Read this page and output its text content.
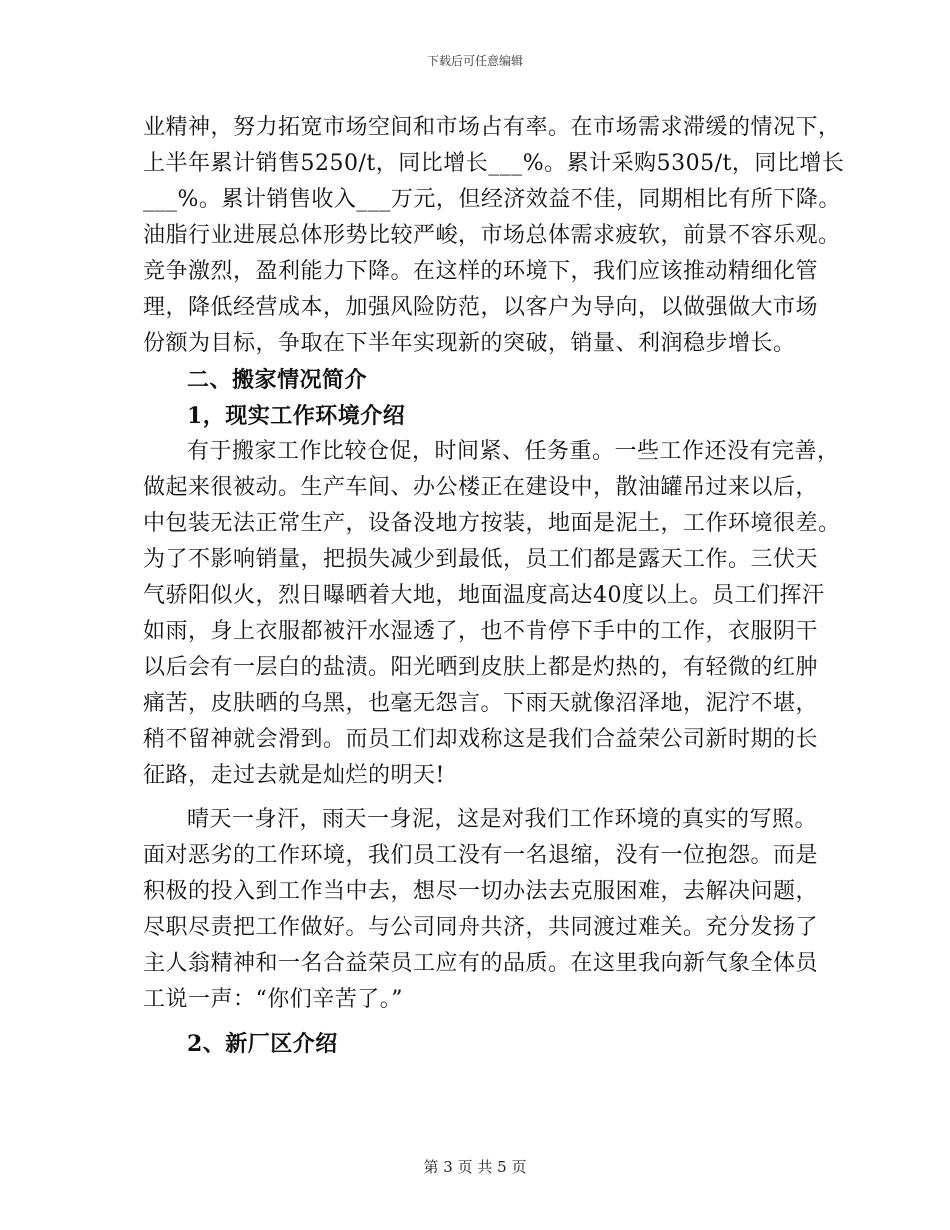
下载后可任意编辑
业精神，努力拓宽市场空间和市场占有率。在市场需求滞缓的情况下，
上半年累计销售5250/t，同比增长___%。累计采购5305/t，同比增长
___%。累计销售收入___万元，但经济效益不佳，同期相比有所下降。
油脂行业进展总体形势比较严峻，市场总体需求疲软，前景不容乐观。
竞争激烈，盈利能力下降。在这样的环境下，我们应该推动精细化管
理，降低经营成本，加强风险防范，以客户为导向，以做强做大市场
份额为目标，争取在下半年实现新的突破，销量、利润稳步增长。
二、搬家情况简介
1，现实工作环境介绍
有于搬家工作比较仓促，时间紧、任务重。一些工作还没有完善，
做起来很被动。生产车间、办公楼正在建设中，散油罐吊过来以后，
中包装无法正常生产，设备没地方按装，地面是泥土，工作环境很差。
为了不影响销量，把损失减少到最低，员工们都是露天工作。三伏天
气骄阳似火，烈日曝晒着大地，地面温度高达40度以上。员工们挥汗
如雨，身上衣服都被汗水湿透了，也不肯停下手中的工作，衣服阴干
以后会有一层白的盐渍。阳光晒到皮肤上都是灼热的，有轻微的红肿
痛苦，皮肤晒的乌黑，也毫无怨言。下雨天就像沼泽地，泥泞不堪，
稍不留神就会滑到。而员工们却戏称这是我们合益荣公司新时期的长
征路，走过去就是灿烂的明天!
晴天一身汗，雨天一身泥，这是对我们工作环境的真实的写照。
面对恶劣的工作环境，我们员工没有一名退缩，没有一位抱怨。而是
积极的投入到工作当中去，想尽一切办法去克服困难，去解决问题，
尽职尽责把工作做好。与公司同舟共济，共同渡过难关。充分发扬了
主人翁精神和一名合益荣员工应有的品质。在这里我向新气象全体员
工说一声：“你们辛苦了。”
2、新厂区介绍
第 3 页 共 5 页
